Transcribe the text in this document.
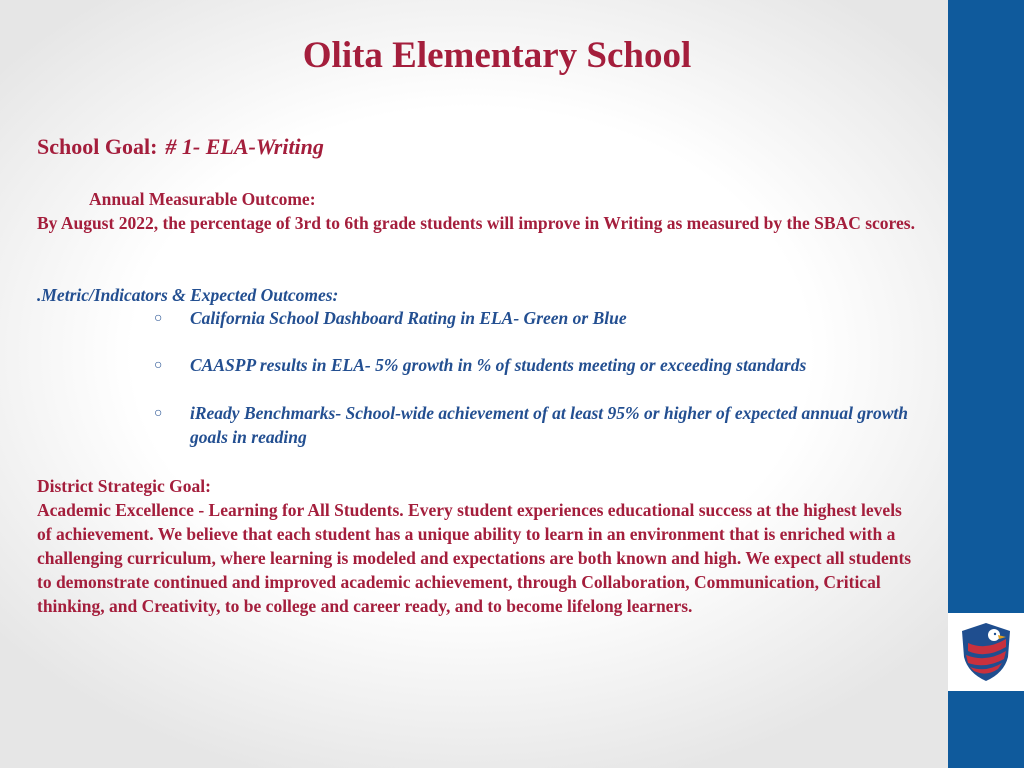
Olita Elementary School
School Goal: # 1- ELA-Writing
Annual Measurable Outcome:
By August 2022, the percentage of 3rd to 6th grade students will improve in Writing as measured by the SBAC scores.
.Metric/Indicators & Expected Outcomes:
○ California School Dashboard Rating in ELA- Green or Blue
○ CAASPP results in ELA- 5% growth in % of students meeting or exceeding standards
○ iReady Benchmarks- School-wide achievement of at least 95% or higher of expected annual growth goals in reading
District Strategic Goal:
Academic Excellence - Learning for All Students. Every student experiences educational success at the highest levels of achievement. We believe that each student has a unique ability to learn in an environment that is enriched with a challenging curriculum, where learning is modeled and expectations are both known and high. We expect all students to demonstrate continued and improved academic achievement, through Collaboration, Communication, Critical thinking, and Creativity, to be college and career ready, and to become lifelong learners.
